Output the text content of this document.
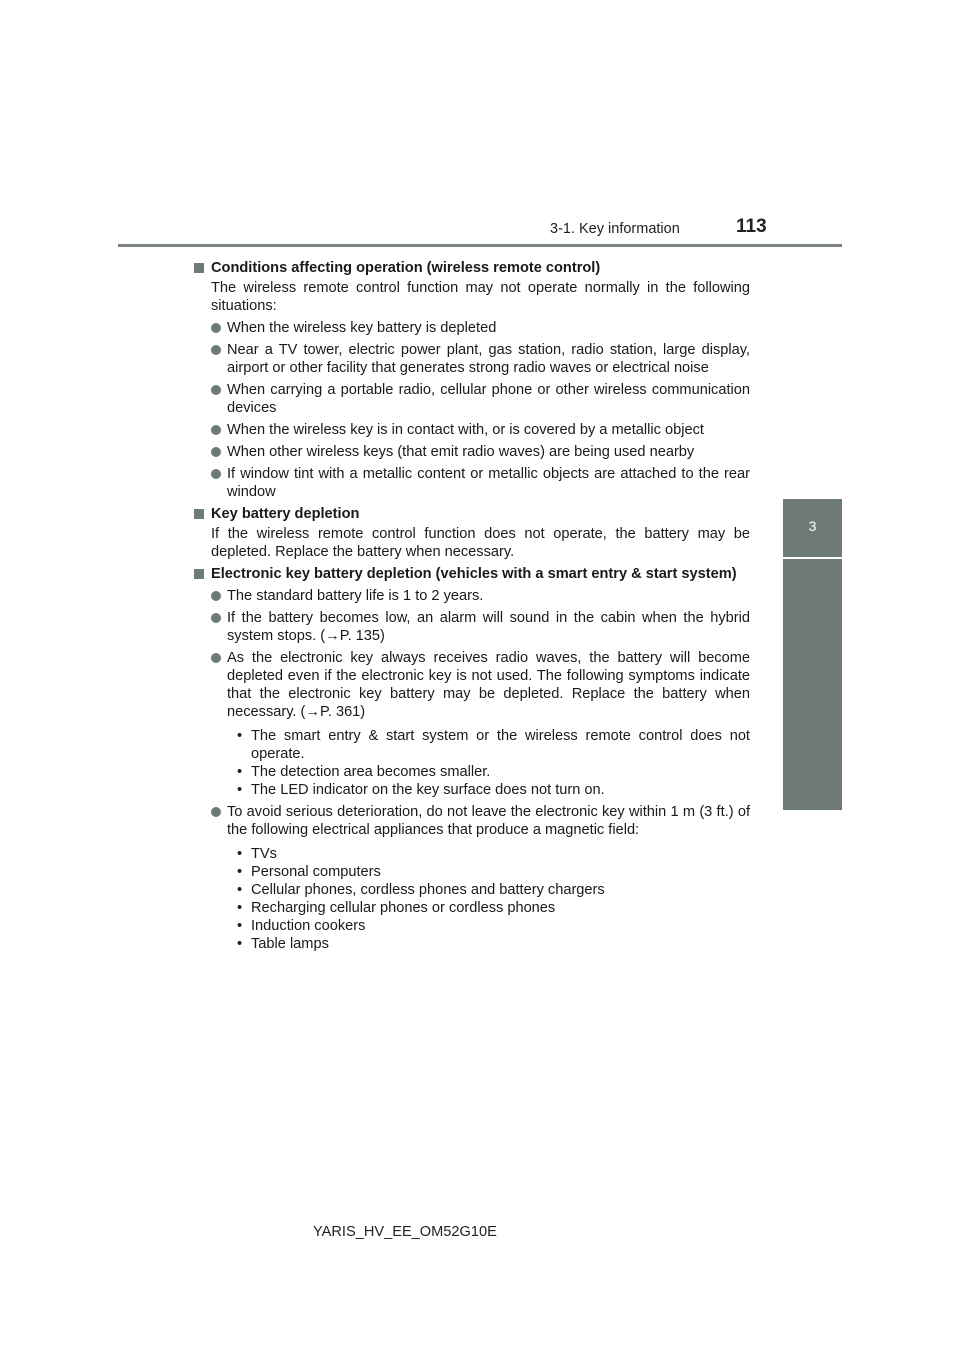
3-1. Key information	113
3
Operation of each component
Conditions affecting operation (wireless remote control)
The wireless remote control function may not operate normally in the following situations:
When the wireless key battery is depleted
Near a TV tower, electric power plant, gas station, radio station, large display, airport or other facility that generates strong radio waves or electrical noise
When carrying a portable radio, cellular phone or other wireless communication devices
When the wireless key is in contact with, or is covered by a metallic object
When other wireless keys (that emit radio waves) are being used nearby
If window tint with a metallic content or metallic objects are attached to the rear window
Key battery depletion
If the wireless remote control function does not operate, the battery may be depleted. Replace the battery when necessary.
Electronic key battery depletion (vehicles with a smart entry & start system)
The standard battery life is 1 to 2 years.
If the battery becomes low, an alarm will sound in the cabin when the hybrid system stops. (→P. 135)
As the electronic key always receives radio waves, the battery will become depleted even if the electronic key is not used. The following symptoms indicate that the electronic key battery may be depleted. Replace the battery when necessary. (→P. 361)
• The smart entry & start system or the wireless remote control does not operate.
• The detection area becomes smaller.
• The LED indicator on the key surface does not turn on.
To avoid serious deterioration, do not leave the electronic key within 1 m (3 ft.) of the following electrical appliances that produce a magnetic field:
• TVs
• Personal computers
• Cellular phones, cordless phones and battery chargers
• Recharging cellular phones or cordless phones
• Induction cookers
• Table lamps
YARIS_HV_EE_OM52G10E
